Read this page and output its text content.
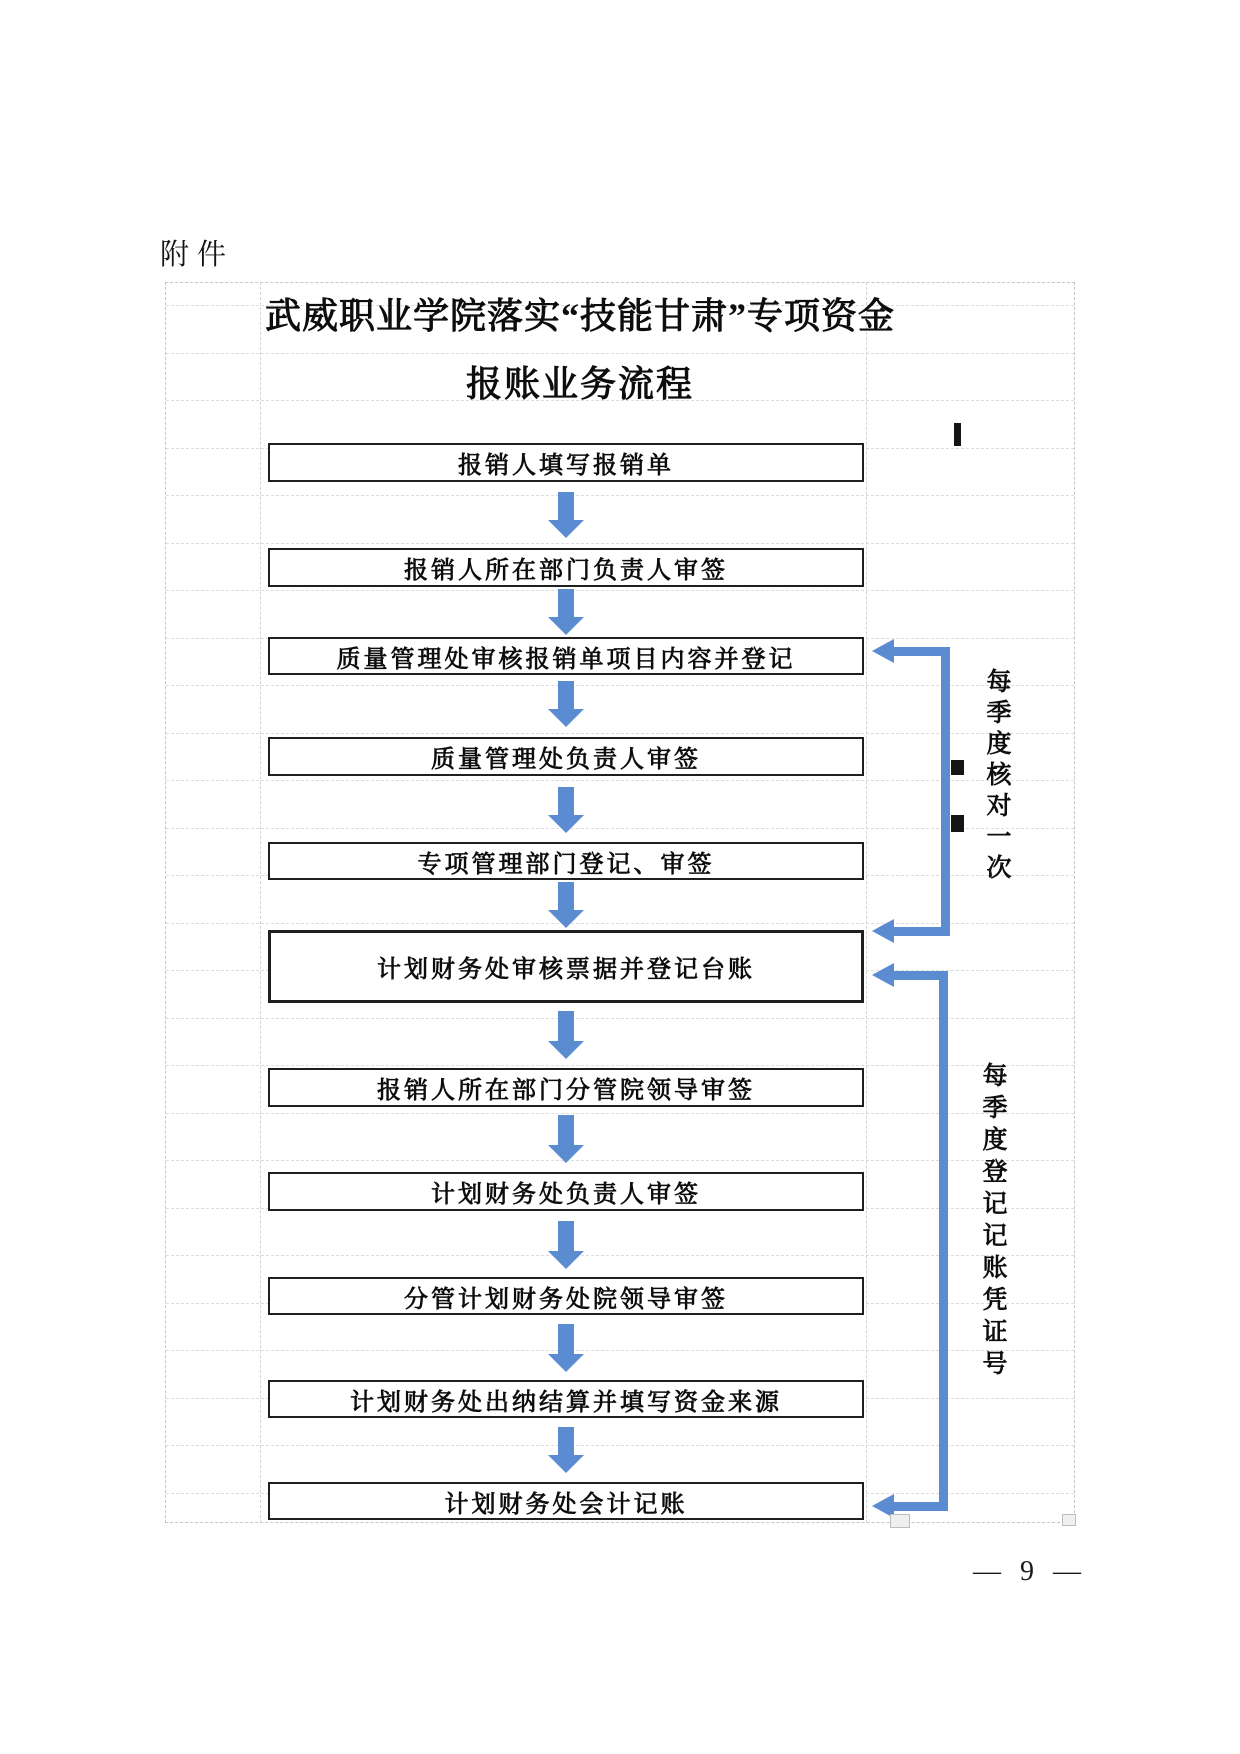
附件
武威职业学院落实“技能甘肃”专项资金
报账业务流程
报销人填写报销单
报销人所在部门负责人审签
质量管理处审核报销单项目内容并登记
质量管理处负责人审签
专项管理部门登记、审签
计划财务处审核票据并登记台账
报销人所在部门分管院领导审签
计划财务处负责人审签
分管计划财务处院领导审签
计划财务处出纳结算并填写资金来源
计划财务处会计记账
每季度核对一次
每季度登记记账凭证号
— 9 —
